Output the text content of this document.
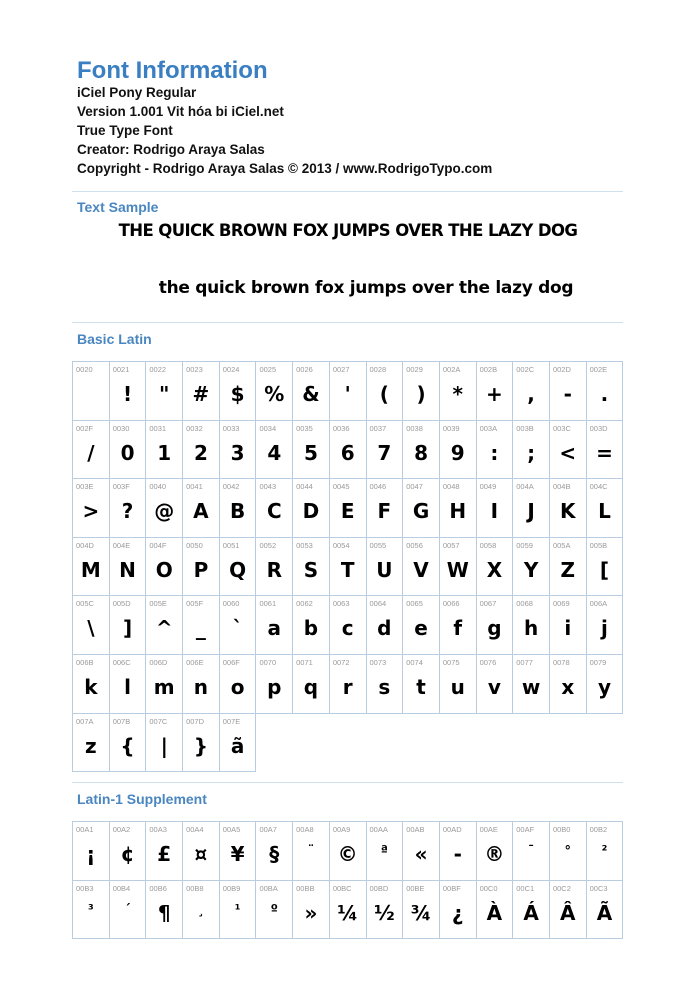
Font Information
iCiel Pony Regular
Version 1.001 Vit hóa bi iCiel.net
True Type Font
Creator: Rodrigo Araya Salas
Copyright - Rodrigo Araya Salas © 2013 / www.RodrigoTypo.com
Text Sample
THE QUICK BROWN FOX JUMPS OVER THE LAZY DOG
the quick brown fox jumps over the lazy dog
Basic Latin
0020	0021
!
0022
"
0023
#
0024
$
0025
%
0026
&
0027
'
0028
(
0029
)
002A
*
002B
+
002C
,
002D
-
002E
.
002F
/
0030
0
0031
1
0032
2
0033
3
0034
4
0035
5
0036
6
0037
7
0038
8
0039
9
003A
:
003B
;
003C
<
003D
=
003E
>
003F
?
0040
@
0041
A
0042
B
0043
C
0044
D
0045
E
0046
F
0047
G
0048
H
0049
I
004A
J
004B
K
004C
L
004D
M
004E
N
004F
O
0050
P
0051
Q
0052
R
0053
S
0054
T
0055
U
0056
V
0057
W
0058
X
0059
Y
005A
Z
005B
[
005C
\
005D
]
005E
^
005F
_
0060
`
0061
a
0062
b
0063
c
0064
d
0065
e
0066
f
0067
g
0068
h
0069
i
006A
j
006B
k
006C
l
006D
m
006E
n
006F
o
0070
p
0071
q
0072
r
0073
s
0074
t
0075
u
0076
v
0077
w
0078
x
0079
y
007A
z
007B
{
007C
|
007D
}
007E
ã
Latin-1 Supplement
00A1
¡
00A2
¢
00A3
£
00A4
¤
00A5
¥
00A7
§
00A8
¨
00A9
©
00AA
ª
00AB
«
00AD
-
00AE
®
00AF
¯
00B0
°
00B2
²
00B3
³
00B4
´
00B6
¶
00B8
¸
00B9
¹
00BA
º
00BB
»
00BC
¼
00BD
½
00BE
¾
00BF
¿
00C0
À
00C1
Á
00C2
Â
00C3
Ã
